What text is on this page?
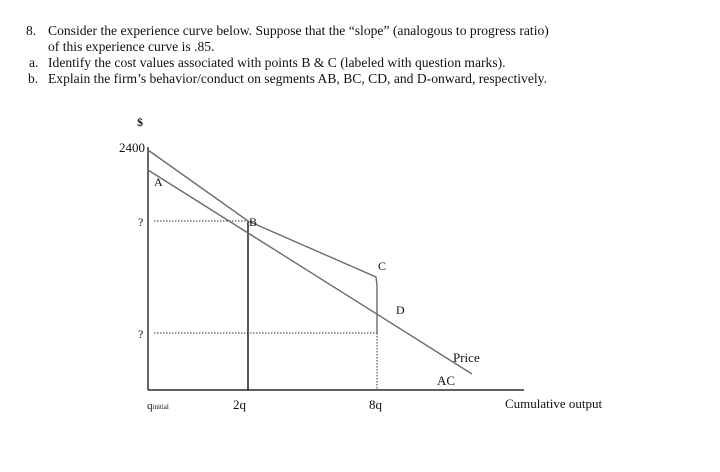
8. Consider the experience curve below. Suppose that the “slope” (analogous to progress ratio)
of this experience curve is .85.
a. Identify the cost values associated with points B & C (labeled with question marks).
b. Explain the firm’s behavior/conduct on segments AB, BC, CD, and D-onward, respectively.
$
2400
?
?
A
B
C
D
Price
AC
qinitial	2q	8q	Cumulative output
